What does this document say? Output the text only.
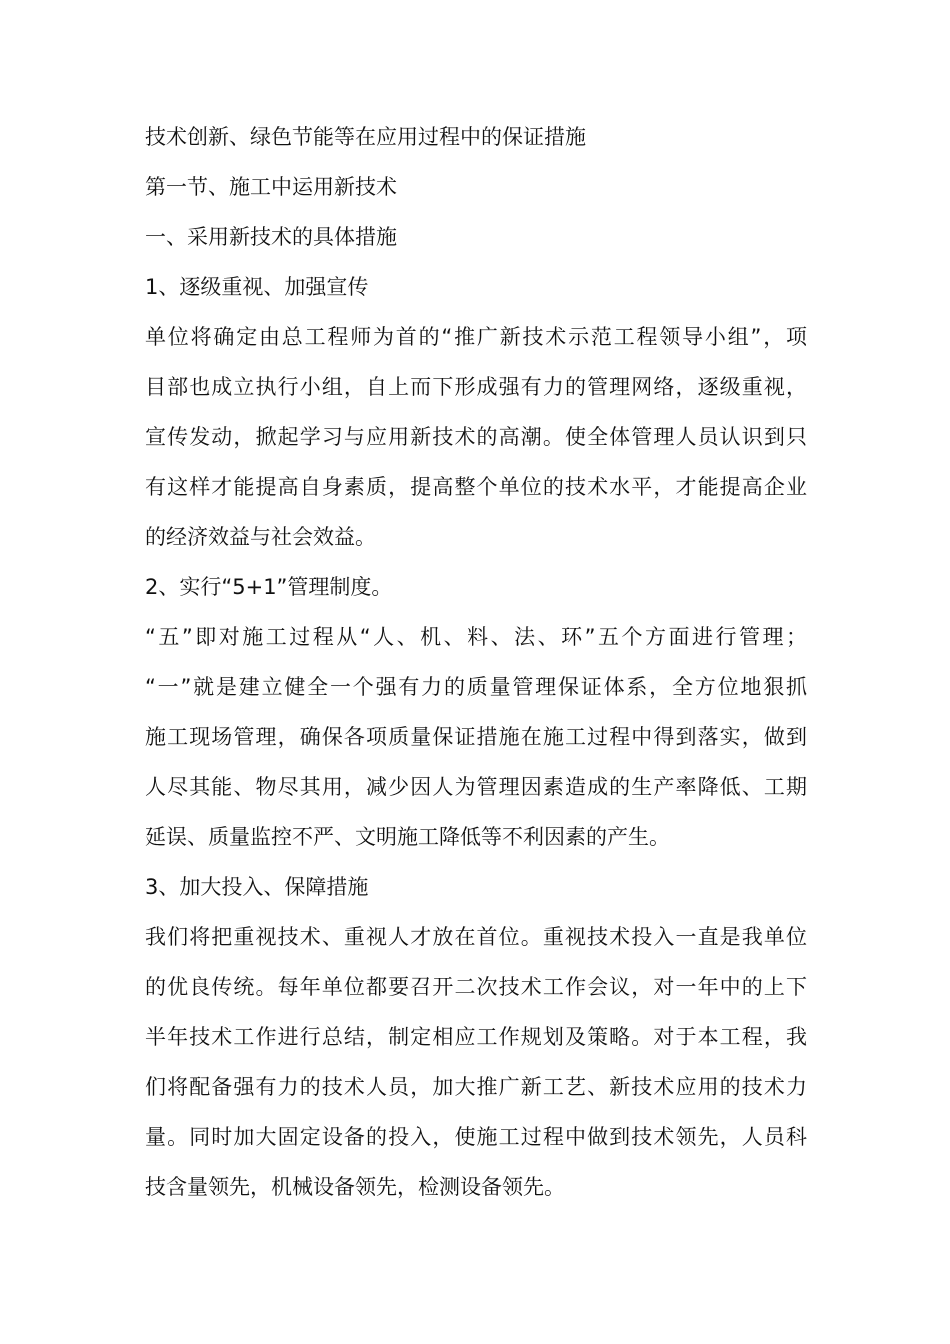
技术创新、绿色节能等在应用过程中的保证措施
第一节、施工中运用新技术
一、采用新技术的具体措施
1、逐级重视、加强宣传
单位将确定由总工程师为首的“推广新技术示范工程领导小组”，项
目部也成立执行小组，自上而下形成强有力的管理网络，逐级重视，
宣传发动，掀起学习与应用新技术的高潮。使全体管理人员认识到只
有这样才能提高自身素质，提高整个单位的技术水平，才能提高企业
的经济效益与社会效益。
2、实行“5+1”管理制度。
“五”即对施工过程从“人、机、料、法、环”五个方面进行管理；
“一”就是建立健全一个强有力的质量管理保证体系，全方位地狠抓
施工现场管理，确保各项质量保证措施在施工过程中得到落实，做到
人尽其能、物尽其用，减少因人为管理因素造成的生产率降低、工期
延误、质量监控不严、文明施工降低等不利因素的产生。
3、加大投入、保障措施
我们将把重视技术、重视人才放在首位。重视技术投入一直是我单位
的优良传统。每年单位都要召开二次技术工作会议，对一年中的上下
半年技术工作进行总结，制定相应工作规划及策略。对于本工程，我
们将配备强有力的技术人员，加大推广新工艺、新技术应用的技术力
量。同时加大固定设备的投入，使施工过程中做到技术领先，人员科
技含量领先，机械设备领先，检测设备领先。
